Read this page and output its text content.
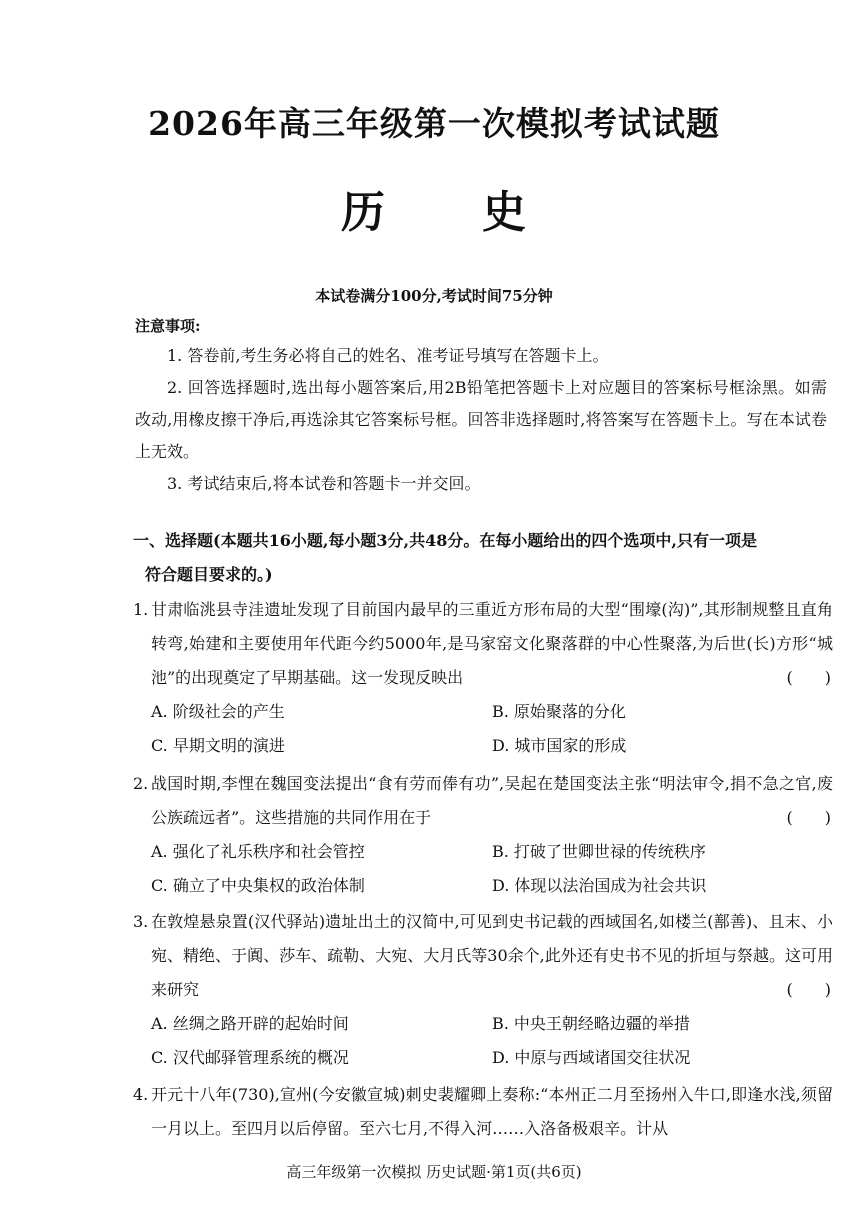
2026年高三年级第一次模拟考试试题
历 史
本试卷满分100分,考试时间75分钟
注意事项:

1. 答卷前,考生务必将自己的姓名、准考证号填写在答题卡上。

2. 回答选择题时,选出每小题答案后,用2B铅笔把答题卡上对应题目的答案标号框涂黑。如需改动,用橡皮擦干净后,再选涂其它答案标号框。回答非选择题时,将答案写在答题卡上。写在本试卷上无效。

3. 考试结束后,将本试卷和答题卡一并交回。

一、选择题(本题共16小题,每小题3分,共48分。在每小题给出的四个选项中,只有一项是
符合题目要求的。)
1. 甘肃临洮县寺洼遗址发现了目前国内最早的三重近方形布局的大型“围壕(沟)”,其形制规整且直角转弯,始建和主要使用年代距今约5000年,是马家窑文化聚落群的中心性聚落,为后世(长)方形“城池”的出现奠定了早期基础。这一发现反映出	(　　)
A. 阶级社会的产生	B. 原始聚落的分化
C. 早期文明的演进	D. 城市国家的形成
2. 战国时期,李悝在魏国变法提出“食有劳而俸有功”,吴起在楚国变法主张“明法审令,捐不急之官,废公族疏远者”。这些措施的共同作用在于	(　　)
A. 强化了礼乐秩序和社会管控	B. 打破了世卿世禄的传统秩序
C. 确立了中央集权的政治体制	D. 体现以法治国成为社会共识
3. 在敦煌悬泉置(汉代驿站)遗址出土的汉简中,可见到史书记载的西域国名,如楼兰(鄯善)、且末、小宛、精绝、于阗、莎车、疏勒、大宛、大月氏等30余个,此外还有史书不见的折垣与祭越。这可用来研究	(　　)
A. 丝绸之路开辟的起始时间	B. 中央王朝经略边疆的举措
C. 汉代邮驿管理系统的概况	D. 中原与西域诸国交往状况
4. 开元十八年(730),宣州(今安徽宣城)刺史裴耀卿上奏称:“本州正二月至扬州入牛口,即逢水浅,须留一月以上。至四月以后停留。至六七月,不得入河……入洛备极艰辛。计从
高三年级第一次模拟 历史试题·第1页(共6页)
